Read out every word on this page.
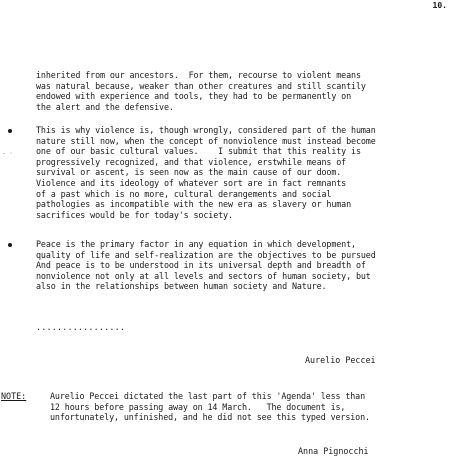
10.
inherited from our ancestors.  For them, recourse to violent means
was natural because, weaker than other creatures and still scantily
endowed with experience and tools, they had to be permanently on
the alert and the defensive.
- ·
This is why violence is, though wrongly, considered part of the human
nature still now, when the concept of nonviolence must instead become
one of our basic cultural values.    I submit that this reality is
progressively recognized, and that violence, erstwhile means of
survival or ascent, is seen now as the main cause of our doom.
Violence and its ideology of whatever sort are in fact remnants
of a past which is no more, cultural derangements and social
pathologies as incompatible with the new era as slavery or human
sacrifices would be for today's society.
Peace is the primary factor in any equation in which development,
quality of life and self-realization are the objectives to be pursued
And peace is to be understood in its universal depth and breadth of
nonviolence not only at all levels and sectors of human society, but
also in the relationships between human society and Nature.
.................
Aurelio Peccei
NOTE:	Aurelio Peccei dictated the last part of this 'Agenda' less than
12 hours before passing away on 14 March.   The document is,
unfortunately, unfinished, and he did not see this typed version.
Anna Pignocchi
